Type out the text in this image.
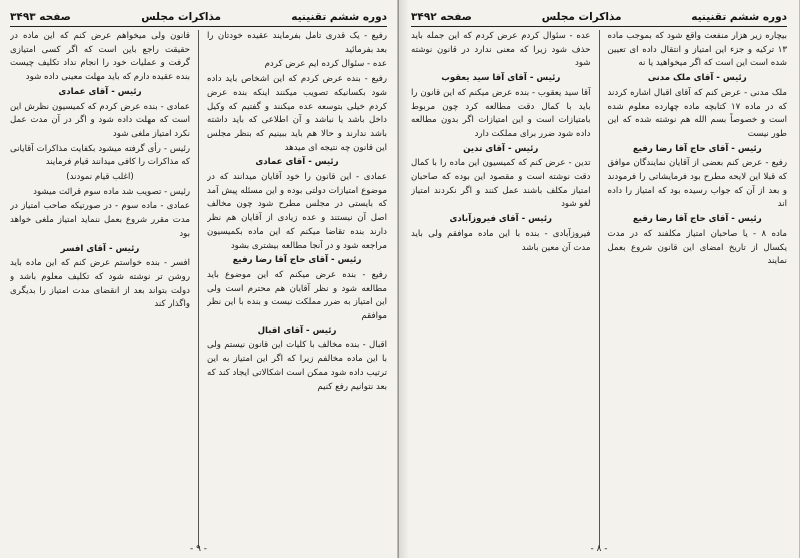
دوره ششم تقنینیه
مذاکرات مجلس
صفحه ۳۴۹۳

رفیع - یک قدری تامل بفرمایند عقیده خودتان را بعد بفرمائید

عده - سئوال کرده ایم عرض کردم

رفیع - بنده عرض کردم که این اشخاص باید داده شود بکسانیکه تصویب میکنند اینکه بنده عرض کردم خیلی بتوسعه عده میکنند و گفتیم که وکیل داخل باشد یا نباشد و آن اطلاعی که باید داشته باشد ندارند و حالا هم باید ببینیم که بنظر مجلس این قانون چه نتیجه ای میدهد

رئیس - آقای عمادی

عمادی - این قانون را خود آقایان میدانند که در موضوع امتیازات دولتی بوده و این مسئله پیش آمد که بایستی در مجلس مطرح شود چون مخالف اصل آن نیستند و عده زیادی از آقایان هم نظر دارند بنده تقاضا میکنم که این ماده بکمیسیون مراجعه شود و در آنجا مطالعه بیشتری بشود

رئیس - آقای حاج آقا رضا رفیع

رفیع - بنده عرض میکنم که این موضوع باید مطالعه شود و نظر آقایان هم محترم است ولی این امتیاز به ضرر مملکت نیست و بنده با این نظر موافقم

رئیس - آقای اقبال

اقبال - بنده مخالف با کلیات این قانون نیستم ولی با این ماده مخالفم زیرا که اگر این امتیاز به این ترتیب داده شود ممکن است اشکالاتی ایجاد کند که بعد نتوانیم رفع کنیم

قانون ولی میخواهم عرض کنم که این ماده در حقیقت راجع باین است که اگر کسی امتیازی گرفت و عملیات خود را انجام نداد تکلیف چیست بنده عقیده دارم که باید مهلت معینی داده شود

رئیس - آقای عمادی

عمادی - بنده عرض کردم که کمیسیون نظرش این است که مهلت داده شود و اگر در آن مدت عمل نکرد امتیاز ملغی شود

رئیس - رأی گرفته میشود بکفایت مذاکرات آقایانی که مذاکرات را کافی میدانند قیام فرمایند

(اغلب قیام نمودند)

رئیس - تصویب شد ماده سوم قرائت میشود

عمادی - ماده سوم - در صورتیکه صاحب امتیاز در مدت مقرر شروع بعمل ننماید امتیاز ملغی خواهد بود

رئیس - آقای افسر

افسر - بنده خواستم عرض کنم که این ماده باید روشن تر نوشته شود که تکلیف معلوم باشد و دولت بتواند بعد از انقضای مدت امتیاز را بدیگری واگذار کند

- ۹ -
دوره ششم تقنینیه
مذاکرات مجلس
صفحه ۳۴۹۲

بیچاره زیر هزار منفعت واقع شود که بموجب ماده ۱۳ ترکیه و جزء این امتیاز و انتقال داده ای تعیین شده است این است که اگر میخواهید یا نه

رئیس - آقای ملک مدنی

ملک مدنی - عرض کنم که آقای اقبال اشاره کردند که در ماده ۱۷ کتابچه ماده چهارده معلوم شده است و خصوصاً بسم الله هم نوشته شده که این طور نیست

رئیس - آقای حاج آقا رضا رفیع

رفیع - عرض کنم بعضی از آقایان نمایندگان موافق که قبلا این لایحه مطرح بود فرمایشاتی را فرمودند و بعد از آن که جواب رسیده بود که امتیاز را داده اند

رئیس - آقای حاج آقا رضا رفیع

ماده ۸ - یا صاحبان امتیاز مکلفند که در مدت یکسال از تاریخ امضای این قانون شروع بعمل نمایند

عده - سئوال کردم عرض کردم که این جمله باید حذف شود زیرا که معنی ندارد در قانون نوشته شود

رئیس - آقای آقا سید یعقوب

آقا سید یعقوب - بنده عرض میکنم که این قانون را باید با کمال دقت مطالعه کرد چون مربوط بامتیازات است و این امتیازات اگر بدون مطالعه داده شود ضرر برای مملکت دارد

رئیس - آقای تدین

تدین - عرض کنم که کمیسیون این ماده را با کمال دقت نوشته است و مقصود این بوده که صاحبان امتیاز مکلف باشند عمل کنند و اگر نکردند امتیاز لغو شود

رئیس - آقای فیروزآبادی

فیروزآبادی - بنده با این ماده موافقم ولی باید مدت آن معین باشد

- ۸ -
